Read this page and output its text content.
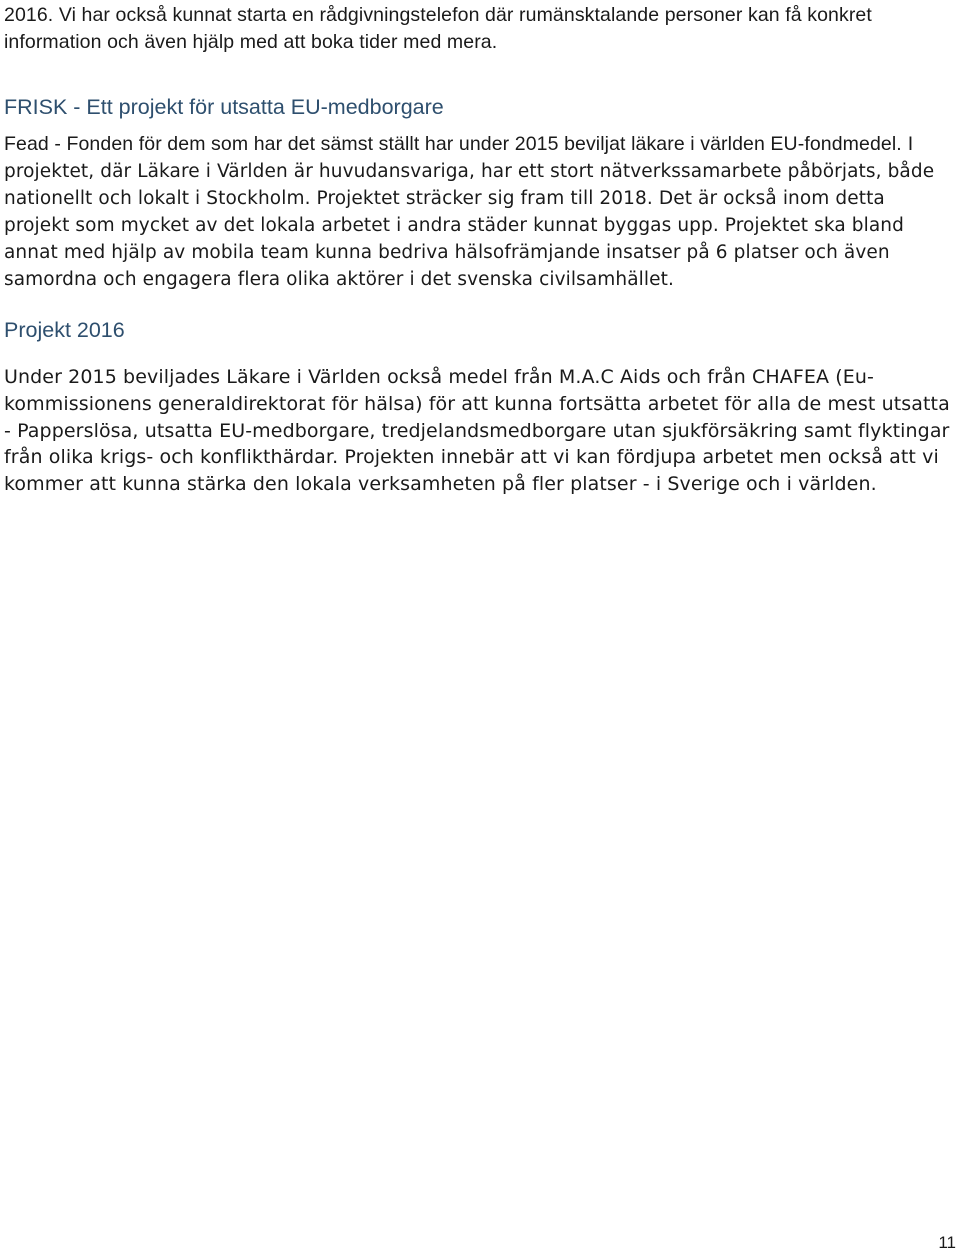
2016. Vi har också kunnat starta en rådgivningstelefon där rumänsktalande personer kan få konkret information och även hjälp med att boka tider med mera.

FRISK - Ett projekt för utsatta EU-medborgare

Fead - Fonden för dem som har det sämst ställt har under 2015 beviljat läkare i världen EU-fondmedel. I projektet, där Läkare i Världen är huvudansvariga, har ett stort nätverkssamarbete påbörjats, både nationellt och lokalt i Stockholm. Projektet sträcker sig fram till 2018. Det är också inom detta projekt som mycket av det lokala arbetet i andra städer kunnat byggas upp. Projektet ska bland annat med hjälp av mobila team kunna bedriva hälsofrämjande insatser på 6 platser och även samordna och engagera flera olika aktörer i det svenska civilsamhället.

Projekt 2016

Under 2015 beviljades Läkare i Världen också medel från M.A.C Aids och från CHAFEA (Eu-kommissionens generaldirektorat för hälsa) för att kunna fortsätta arbetet för alla de mest utsatta - Papperslösa, utsatta EU-medborgare, tredjelandsmedborgare utan sjukförsäkring samt flyktingar från olika krigs- och konflikthärdar. Projekten innebär att vi kan fördjupa arbetet men också att vi kommer att kunna stärka den lokala verksamheten på fler platser - i Sverige och i världen.

11
